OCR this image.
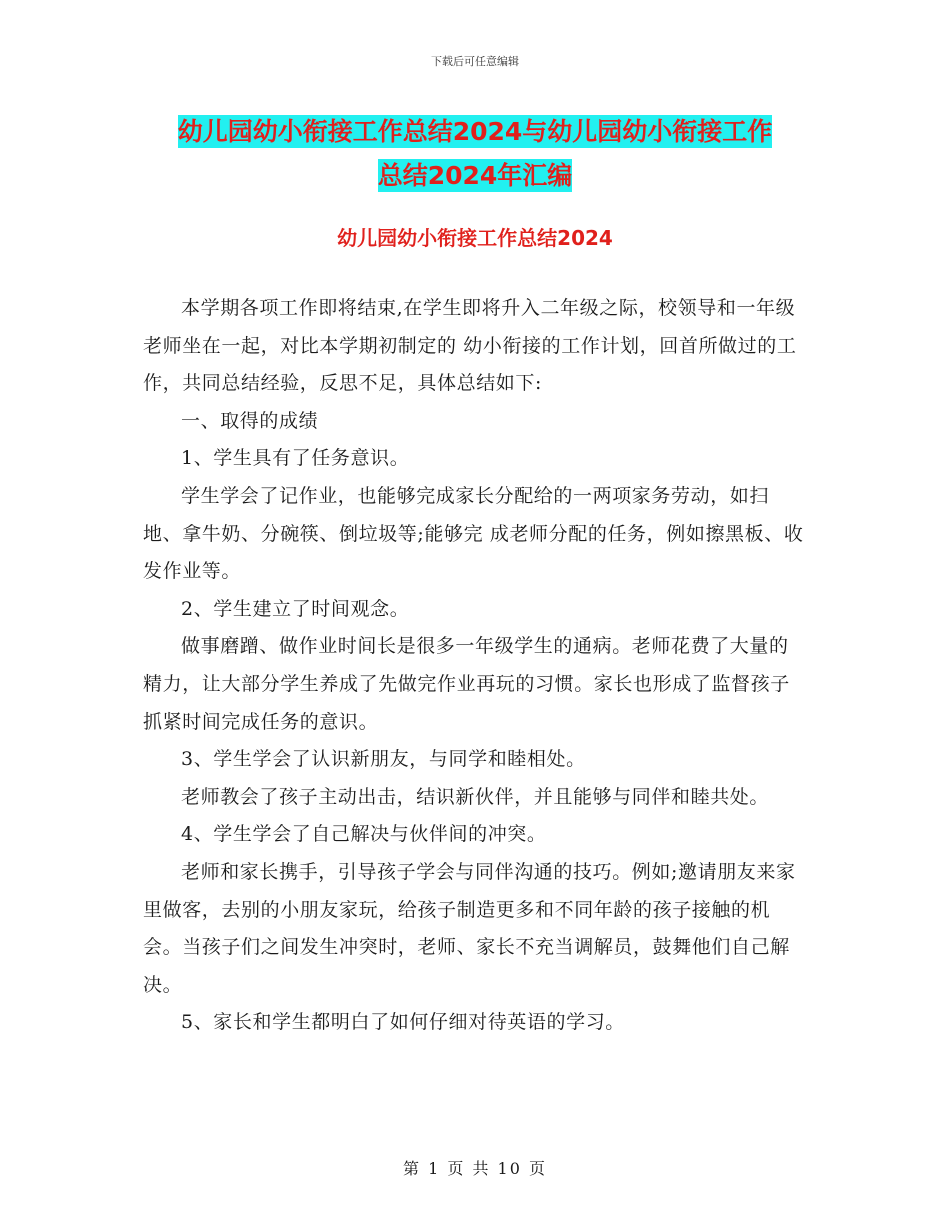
下载后可任意编辑
幼儿园幼小衔接工作总结2024与幼儿园幼小衔接工作
总结2024年汇编
幼儿园幼小衔接工作总结2024

本学期各项工作即将结束,在学生即将升入二年级之际，校领导和一年级老师坐在一起，对比本学期初制定的 幼小衔接的工作计划，回首所做过的工作，共同总结经验，反思不足，具体总结如下:

一、取得的成绩

1、学生具有了任务意识。

学生学会了记作业，也能够完成家长分配给的一两项家务劳动，如扫地、拿牛奶、分碗筷、倒垃圾等;能够完 成老师分配的任务，例如擦黑板、收发作业等。

2、学生建立了时间观念。

做事磨蹭、做作业时间长是很多一年级学生的通病。老师花费了大量的精力，让大部分学生养成了先做完作业再玩的习惯。家长也形成了监督孩子抓紧时间完成任务的意识。

3、学生学会了认识新朋友，与同学和睦相处。

老师教会了孩子主动出击，结识新伙伴，并且能够与同伴和睦共处。

4、学生学会了自己解决与伙伴间的冲突。

老师和家长携手，引导孩子学会与同伴沟通的技巧。例如;邀请朋友来家里做客，去别的小朋友家玩，给孩子制造更多和不同年龄的孩子接触的机会。当孩子们之间发生冲突时，老师、家长不充当调解员，鼓舞他们自己解决。

5、家长和学生都明白了如何仔细对待英语的学习。

第 1 页 共 10 页
